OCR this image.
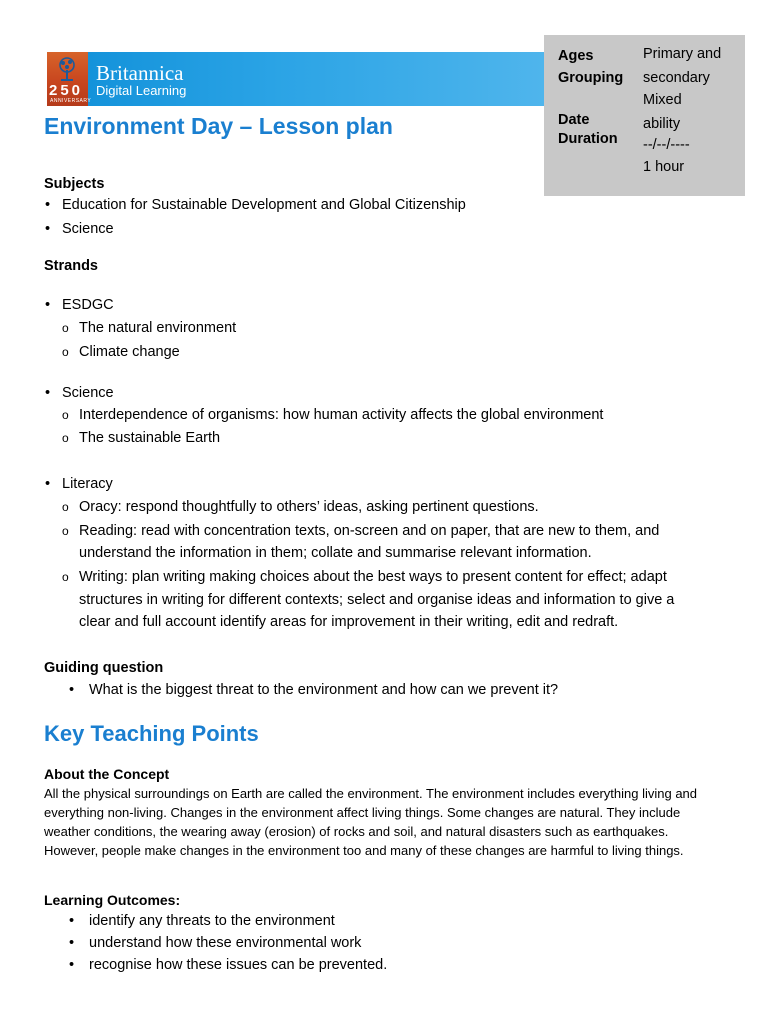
250
ANNIVERSARY
Britannica
Digital Learning
Ages	Primary and
Grouping secondary
Mixed
Date	ability
Duration --/--/----
1 hour
Environment Day – Lesson plan
Subjects
• Education for Sustainable Development and Global Citizenship
• Science
Strands
• ESDGC
o The natural environment
o Climate change
• Science
o Interdependence of organisms: how human activity affects the global environment
o The sustainable Earth
• Literacy
o Oracy: respond thoughtfully to others’ ideas, asking pertinent questions.
o Reading: read with concentration texts, on-screen and on paper, that are new to them, and
understand the information in them; collate and summarise relevant information.
o Writing: plan writing making choices about the best ways to present content for effect; adapt
structures in writing for different contexts; select and organise ideas and information to give a
clear and full account identify areas for improvement in their writing, edit and redraft.
Guiding question
• What is the biggest threat to the environment and how can we prevent it?
Key Teaching Points
About the Concept
All the physical surroundings on Earth are called the environment. The environment includes everything living and everything non-living. Changes in the environment affect living things. Some changes are natural. They include weather conditions, the wearing away (erosion) of rocks and soil, and natural disasters such as earthquakes. However, people make changes in the environment too and many of these changes are harmful to living things.
Learning Outcomes:
• identify any threats to the environment
• understand how these environmental work
• recognise how these issues can be prevented.
